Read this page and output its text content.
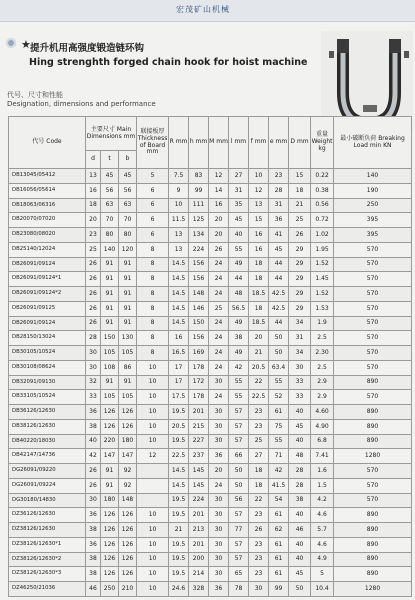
宏茂矿山机械
★ 提升机用高强度锻造链环钩
Hing strenghth forged chain hook for hoist machine
代号、尺寸和性能
Designation, dimensions and performance
代号 Code	主要尺寸 Main Dimensions mm			联接板厚 Thickness of Board mm	R mm	h mm	M mm	l mm	f mm	e mm	D mm	重量 Weight kg	最小破断负荷 Breaking Load min KN
	d	t	b										
DB13045/05412	13	45	45	5	7.5	83	12	27	10	23	15	0.22	140
DB16056/05614	16	56	56	6	9	99	14	31	12	28	18	0.38	190
DB18063/06316	18	63	63	6	10	111	16	35	13	31	21	0.56	250
DB20070/07020	20	70	70	6	11.5	125	20	45	15	36	25	0.72	395
DB23080/08020	23	80	80	6	13	134	20	40	16	41	26	1.02	395
DB25140/12024	25	140	120	8	13	224	26	55	16	45	29	1.95	570
DB26091/09124	26	91	91	8	14.5	156	24	49	18	44	29	1.52	570
DB26091/09124*1	26	91	91	8	14.5	156	24	44	18	44	29	1.45	570
DB26091/09124*2	26	91	91	8	14.5	148	24	48	18.5	42.5	29	1.52	570
DB26091/09125	26	91	91	8	14.5	146	25	56.5	18	42.5	29	1.53	570
DB26091/09124	26	91	91	8	14.5	150	24	49	18.5	44	34	1.9	570
DB28150/13024	28	150	130	8	16	156	24	38	20	50	31	2.5	570
DB30105/10524	30	105	105	8	16.5	169	24	49	21	50	34	2.30	570
DB30108/08624	30	108	86	10	17	178	24	42	20.5	63.4	30	2.5	570
DB32091/09130	32	91	91	10	17	172	30	55	22	55	33	2.9	890
DB33105/10524	33	105	105	10	17.5	178	24	55	22.5	52	33	2.9	570
DB36126/12630	36	126	126	10	19.5	201	30	57	23	61	40	4.60	890
DB38126/12630	38	126	126	10	20.5	215	30	57	23	75	45	4.90	890
DB40220/18030	40	220	180	10	19.5	227	30	57	25	55	40	6.8	890
DB42147/14736	42	147	147	12	22.5	237	36	66	27	71	48	7.41	1280
DG26091/09220	26	91	92		14.5	145	20	50	18	42	28	1.6	570
DG26091/09224	26	91	92		14.5	145	24	50	18	41.5	28	1.5	570
DG30180/14830	30	180	148		19.5	224	30	56	22	54	38	4.2	570
DZ36126/12630	36	126	126	10	19.5	201	30	57	23	61	40	4.6	890
DZ38126/12630	38	126	126	10	21	213	30	77	26	62	46	5.7	890
DZ38126/12630*1	36	126	126	10	19.5	201	30	57	23	61	40	4.6	890
DZ38126/12630*2	38	126	126	10	19.5	200	30	57	23	61	40	4.9	890
DZ38126/12630*3	38	126	126	10	19.5	214	30	65	23	61	45	5	890
DZ46250/21036	46	250	210	10	24.6	328	36	78	30	99	50	10.4	1280
